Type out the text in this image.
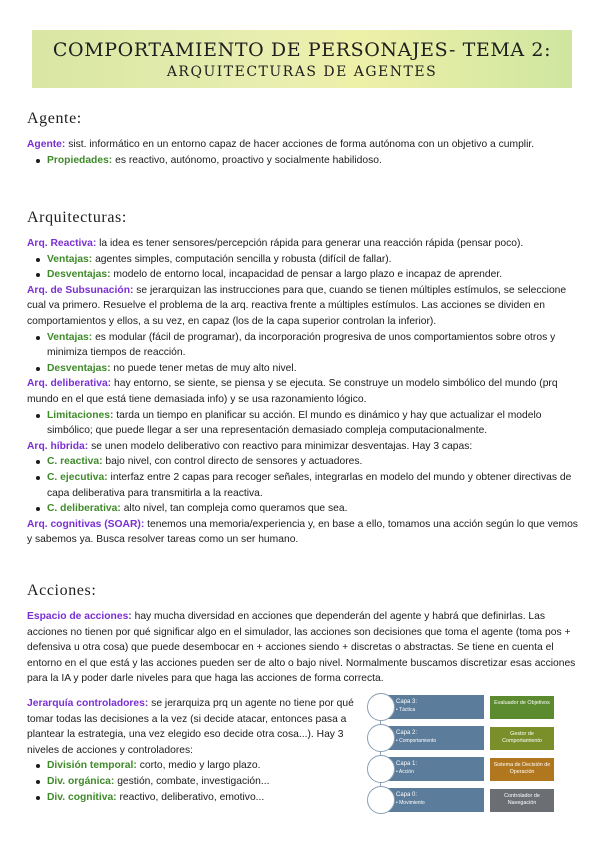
COMPORTAMIENTO DE PERSONAJES- TEMA 2:
ARQUITECTURAS DE AGENTES
Agente:

Agente: sist. informático en un entorno capaz de hacer acciones de forma autónoma con un objetivo a cumplir.

Propiedades: es reactivo, autónomo, proactivo y socialmente habilidoso.
Arquitecturas:

Arq. Reactiva: la idea es tener sensores/percepción rápida para generar una reacción rápida (pensar poco).

Ventajas: agentes simples, computación sencilla y robusta (difícil de fallar).
Desventajas: modelo de entorno local, incapacidad de pensar a largo plazo e incapaz de aprender.

Arq. de Subsunación: se jerarquizan las instrucciones para que, cuando se tienen múltiples estímulos, se seleccione cual va primero. Resuelve el problema de la arq. reactiva frente a múltiples estímulos. Las acciones se dividen en comportamientos y ellos, a su vez, en capaz (los de la capa superior controlan la inferior).

Ventajas: es modular (fácil de programar), da incorporación progresiva de unos comportamientos sobre otros y minimiza tiempos de reacción.
Desventajas: no puede tener metas de muy alto nivel.

Arq. deliberativa: hay entorno, se siente, se piensa y se ejecuta. Se construye un modelo simbólico del mundo (prq mundo en el que está tiene demasiada info) y se usa razonamiento lógico.

Limitaciones: tarda un tiempo en planificar su acción. El mundo es dinámico y hay que actualizar el modelo simbólico; que puede llegar a ser una representación demasiado compleja computacionalmente.

Arq. híbrida: se unen modelo deliberativo con reactivo para minimizar desventajas. Hay 3 capas:

C. reactiva: bajo nivel, con control directo de sensores y actuadores.
C. ejecutiva: interfaz entre 2 capas para recoger señales, integrarlas en modelo del mundo y obtener directivas de capa deliberativa para transmitirla a la reactiva.
C. deliberativa: alto nivel, tan compleja como queramos que sea.

Arq. cognitivas (SOAR): tenemos una memoria/experiencia y, en base a ello, tomamos una acción según lo que vemos y sabemos ya. Busca resolver tareas como un ser humano.

Acciones:

Espacio de acciones: hay mucha diversidad en acciones que dependerán del agente y habrá que definirlas. Las acciones no tienen por qué significar algo en el simulador, las acciones son decisiones que toma el agente (toma pos + defensiva u otra cosa) que puede desembocar en + acciones siendo + discretas o abstractas. Se tiene en cuenta el entorno en el que está y las acciones pueden ser de alto o bajo nivel. Normalmente buscamos discretizar esas acciones para la IA y poder darle niveles para que haga las acciones de forma correcta.

Jerarquía controladores: se jerarquiza prq un agente no tiene por qué tomar todas las decisiones a la vez (si decide atacar, entonces pasa a plantear la estrategia, una vez elegido eso decide otra cosa...). Hay 3 niveles de acciones y controladores:

División temporal: corto, medio y largo plazo.
Div. orgánica: gestión, combate, investigación...
Div. cognitiva: reactivo, deliberativo, emotivo...
Capa 3:
• Táctica
Capa 2:
• Comportamiento
Capa 1:
• Acción
Capa 0:
• Movimiento
Evaluador de Objetivos
Gestor de Comportamiento
Sistema de Decisión de Operación
Controlador de Navegación
